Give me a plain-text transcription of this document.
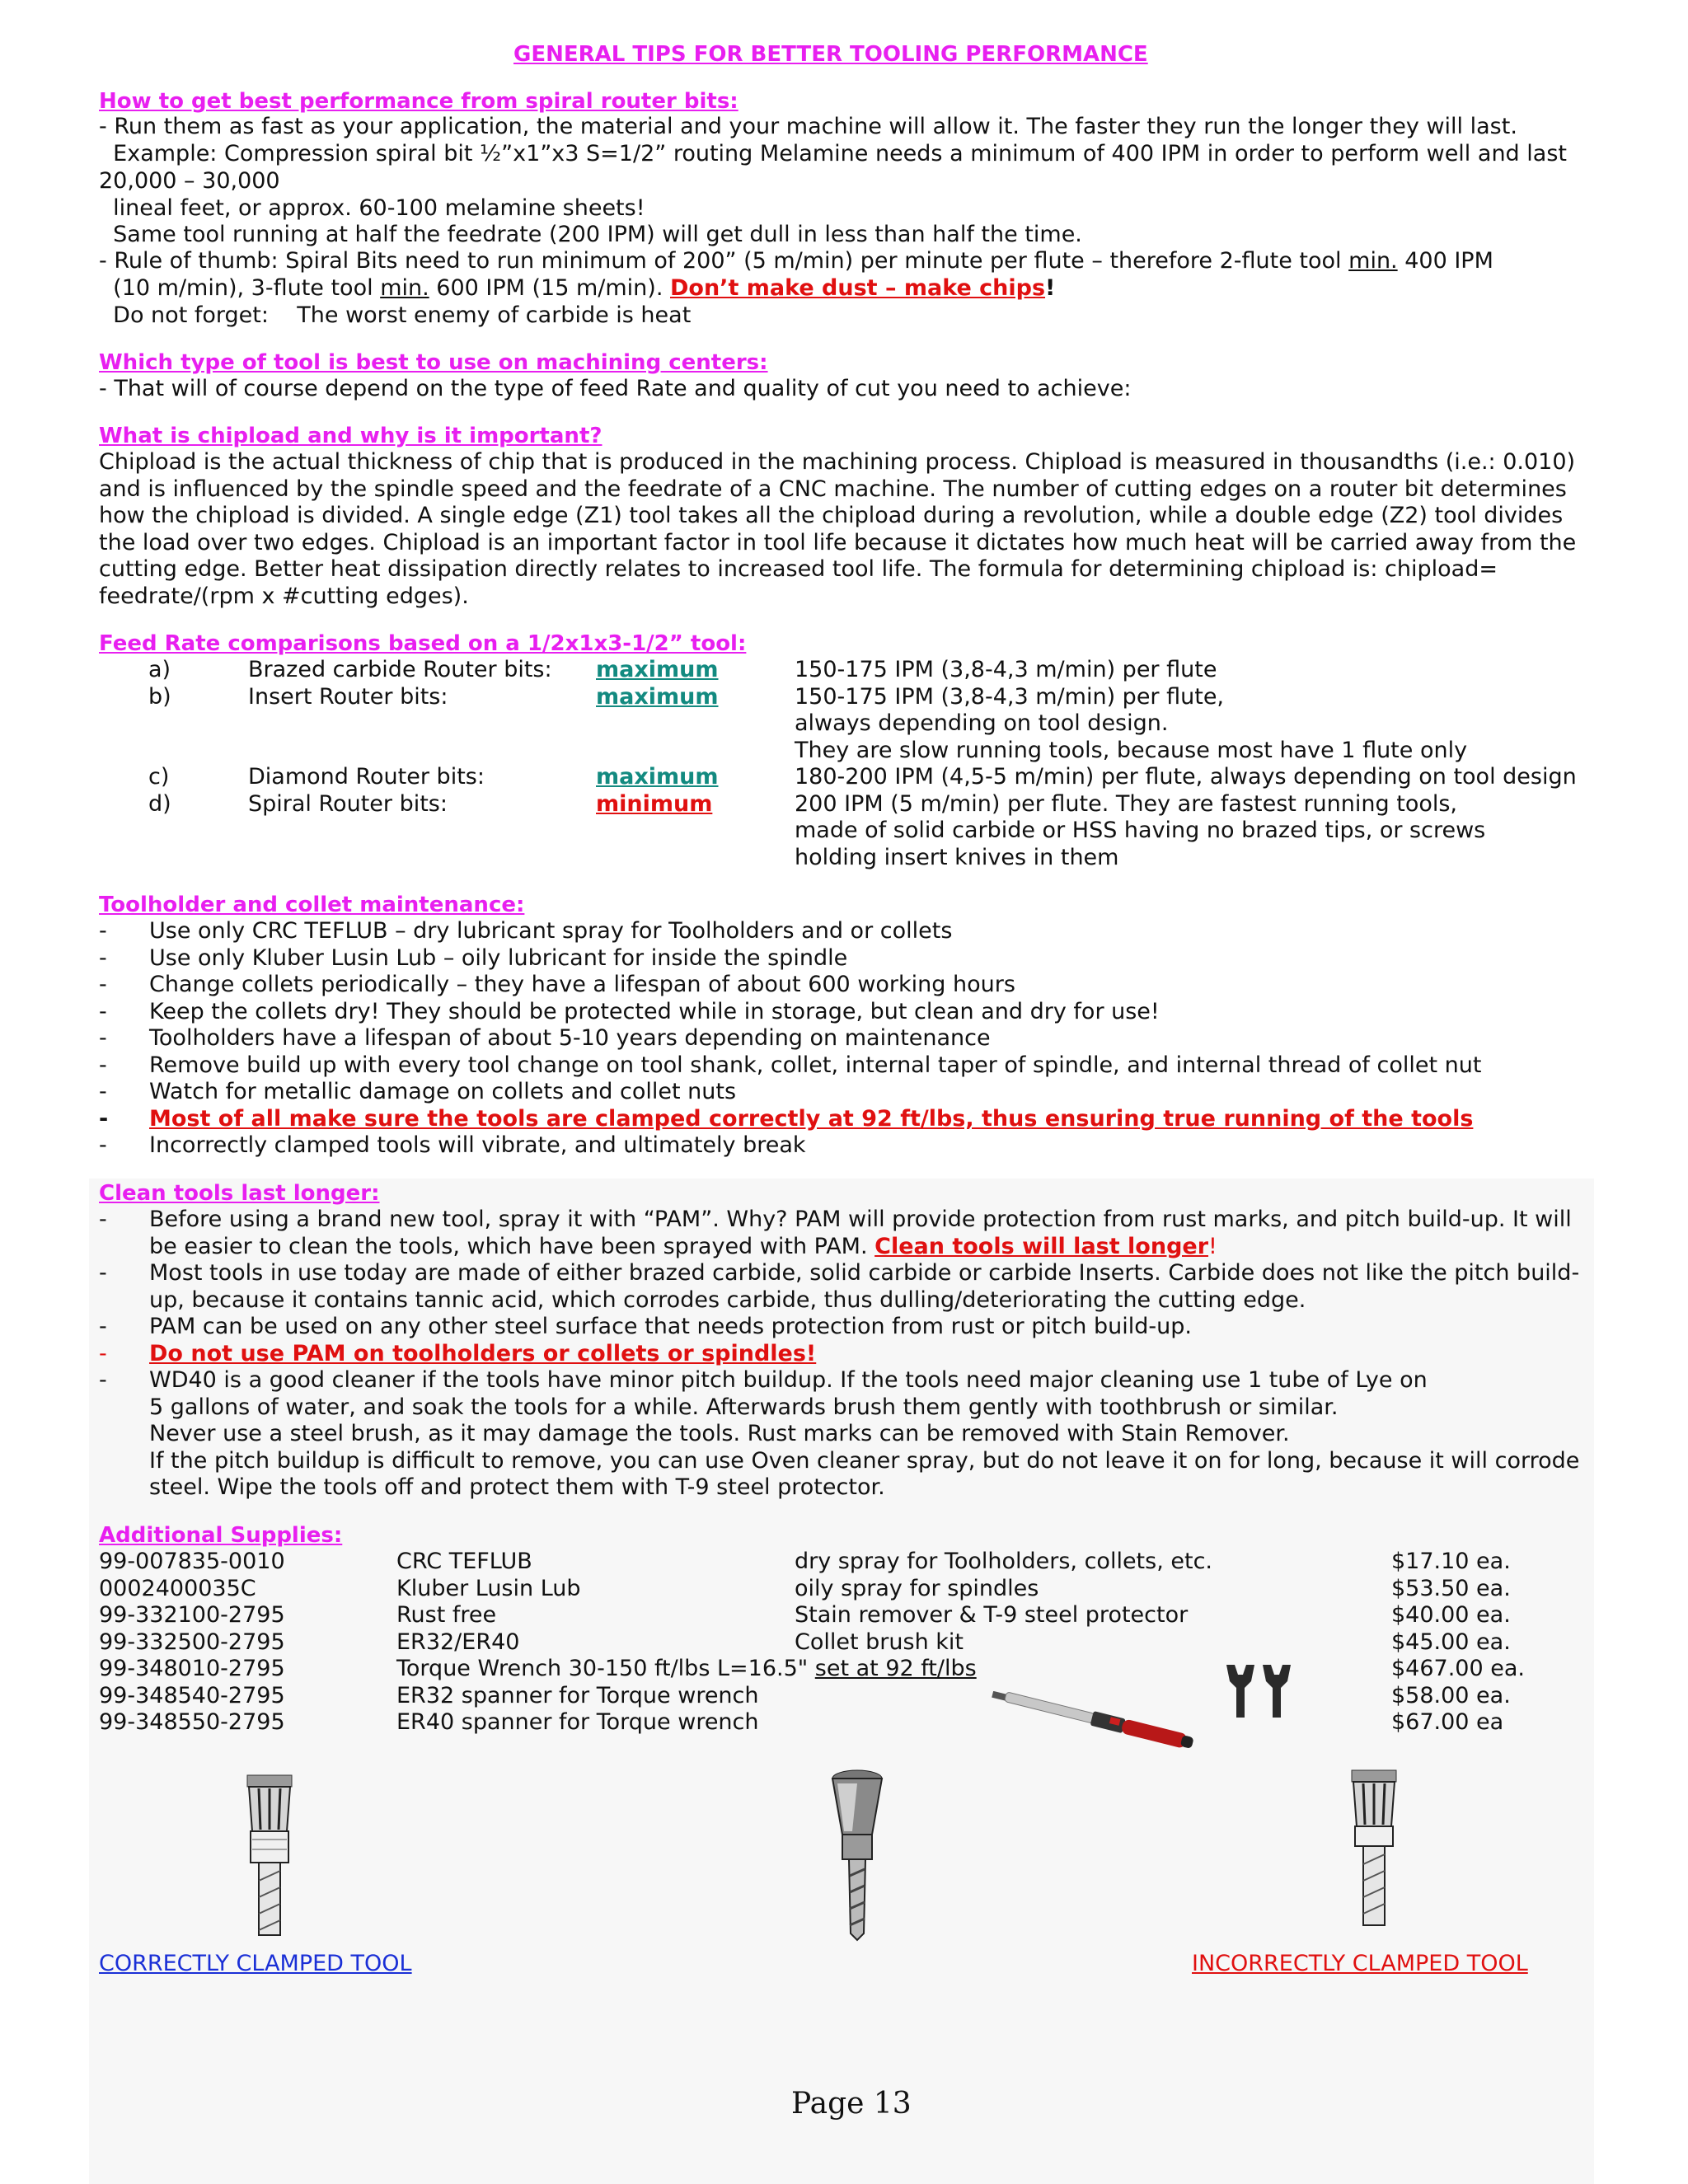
GENERAL TIPS FOR BETTER TOOLING PERFORMANCE
How to get best performance from spiral router bits:
- Run them as fast as your application, the material and your machine will allow it. The faster they run the longer they will last.
Example: Compression spiral bit ½”x1”x3 S=1/2” routing Melamine needs a minimum of 400 IPM in order to perform well and last
20,000 – 30,000
lineal feet, or approx. 60-100 melamine sheets!
Same tool running at half the feedrate (200 IPM) will get dull in less than half the time.
- Rule of thumb: Spiral Bits need to run minimum of 200” (5 m/min) per minute per flute – therefore 2-flute tool min. 400 IPM
(10 m/min), 3-flute tool min. 600 IPM (15 m/min). Don’t make dust – make chips!
Do not forget:    The worst enemy of carbide is heat
Which type of tool is best to use on machining centers:
- That will of course depend on the type of feed Rate and quality of cut you need to achieve:
What is chipload and why is it important?
Chipload is the actual thickness of chip that is produced in the machining process. Chipload is measured in thousandths (i.e.: 0.010)
and is influenced by the spindle speed and the feedrate of a CNC machine. The number of cutting edges on a router bit determines
how the chipload is divided. A single edge (Z1) tool takes all the chipload during a revolution, while a double edge (Z2) tool divides
the load over two edges. Chipload is an important factor in tool life because it dictates how much heat will be carried away from the
cutting edge. Better heat dissipation directly relates to increased tool life. The formula for determining chipload is: chipload=
feedrate/(rpm x #cutting edges).
Feed Rate comparisons based on a 1/2x1x3-1/2” tool:
a)	Brazed carbide Router bits: maximum	150-175 IPM (3,8-4,3 m/min) per flute
b)	Insert Router bits:	maximum	150-175 IPM (3,8-4,3 m/min) per flute,
always depending on tool design.
They are slow running tools, because most have 1 flute only
c)	Diamond Router bits:	maximum	180-200 IPM (4,5-5 m/min) per flute, always depending on tool design
d)	Spiral Router bits:	minimum	200 IPM (5 m/min) per flute. They are fastest running tools,
made of solid carbide or HSS having no brazed tips, or screws
holding insert knives in them
Toolholder and collet maintenance:
- Use only CRC TEFLUB – dry lubricant spray for Toolholders and or collets
- Use only Kluber Lusin Lub – oily lubricant for inside the spindle
- Change collets periodically – they have a lifespan of about 600 working hours
- Keep the collets dry! They should be protected while in storage, but clean and dry for use!
- Toolholders have a lifespan of about 5-10 years depending on maintenance
- Remove build up with every tool change on tool shank, collet, internal taper of spindle, and internal thread of collet nut
- Watch for metallic damage on collets and collet nuts
- Most of all make sure the tools are clamped correctly at 92 ft/lbs, thus ensuring true running of the tools
- Incorrectly clamped tools will vibrate, and ultimately break
Clean tools last longer:
- Before using a brand new tool, spray it with “PAM”. Why? PAM will provide protection from rust marks, and pitch build-up. It will
be easier to clean the tools, which have been sprayed with PAM. Clean tools will last longer!
- Most tools in use today are made of either brazed carbide, solid carbide or carbide Inserts. Carbide does not like the pitch build-
up, because it contains tannic acid, which corrodes carbide, thus dulling/deteriorating the cutting edge.
- PAM can be used on any other steel surface that needs protection from rust or pitch build-up.
- Do not use PAM on toolholders or collets or spindles!
- WD40 is a good cleaner if the tools have minor pitch buildup. If the tools need major cleaning use 1 tube of Lye on
5 gallons of water, and soak the tools for a while. Afterwards brush them gently with toothbrush or similar.
Never use a steel brush, as it may damage the tools. Rust marks can be removed with Stain Remover.
If the pitch buildup is difficult to remove, you can use Oven cleaner spray, but do not leave it on for long, because it will corrode
steel. Wipe the tools off and protect them with T-9 steel protector.
Additional Supplies:
99-007835-0010	CRC TEFLUB	dry spray for Toolholders, collets, etc.	$17.10 ea.
0002400035C	Kluber Lusin Lub	oily spray for spindles	$53.50 ea.
99-332100-2795	Rust free	Stain remover & T-9 steel protector	$40.00 ea.
99-332500-2795	ER32/ER40	Collet brush kit	$45.00 ea.
99-348010-2795	Torque Wrench 30-150 ft/lbs L=16.5" set at 92 ft/lbs	$467.00 ea.
99-348540-2795	ER32 spanner for Torque wrench	$58.00 ea.
99-348550-2795	ER40 spanner for Torque wrench	$67.00 ea
CORRECTLY CLAMPED TOOL	INCORRECTLY CLAMPED TOOL
Page 13
